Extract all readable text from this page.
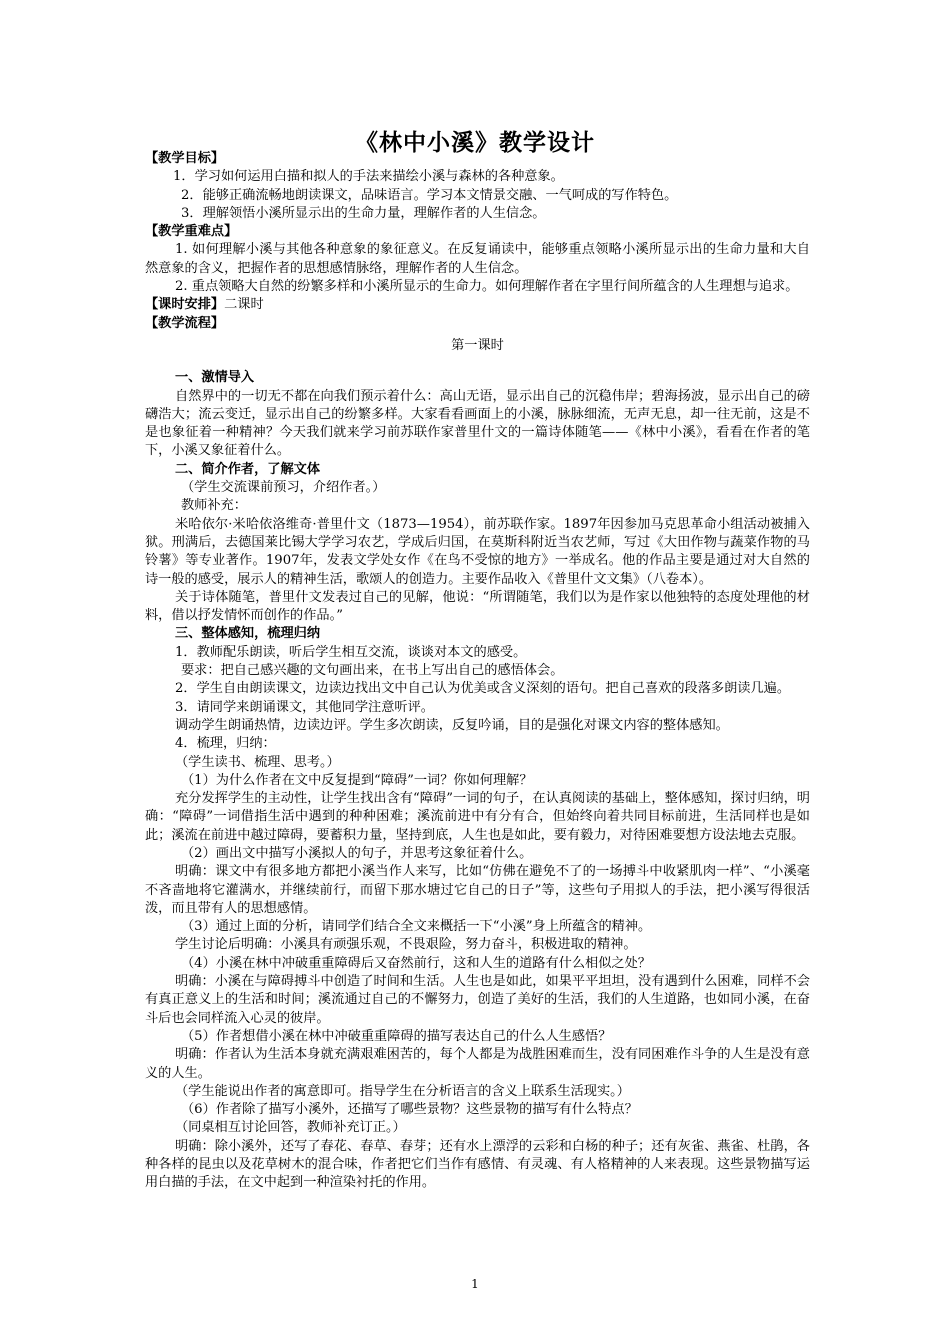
《林中小溪》教学设计

【教学目标】

1．学习如何运用白描和拟人的手法来描绘小溪与森林的各种意象。

2．能够正确流畅地朗读课文，品味语言。学习本文情景交融、一气呵成的写作特色。

3．理解领悟小溪所显示出的生命力量，理解作者的人生信念。

【教学重难点】

1. 如何理解小溪与其他各种意象的象征意义。在反复诵读中，能够重点领略小溪所显示出的生命力量和大自然意象的含义，把握作者的思想感情脉络，理解作者的人生信念。

2. 重点领略大自然的纷繁多样和小溪所显示的生命力。如何理解作者在字里行间所蕴含的人生理想与追求。

【课时安排】二课时

【教学流程】

第一课时

一、激情导入

自然界中的一切无不都在向我们预示着什么：高山无语，显示出自己的沉稳伟岸；碧海扬波，显示出自己的磅礴浩大；流云变迁，显示出自己的纷繁多样。大家看看画面上的小溪，脉脉细流，无声无息，却一往无前，这是不是也象征着一种精神？今天我们就来学习前苏联作家普里什文的一篇诗体随笔——《林中小溪》，看看在作者的笔下，小溪又象征着什么。

二、简介作者，了解文体

（学生交流课前预习，介绍作者。）

教师补充：

米哈依尔·米哈依洛维奇·普里什文（1873—1954），前苏联作家。1897年因参加马克思革命小组活动被捕入狱。刑满后，去德国莱比锡大学学习农艺，学成后归国，在莫斯科附近当农艺师，写过《大田作物与蔬菜作物的马铃薯》等专业著作。1907年，发表文学处女作《在鸟不受惊的地方》一举成名。他的作品主要是通过对大自然的诗一般的感受，展示人的精神生活，歌颂人的创造力。主要作品收入《普里什文文集》（八卷本）。

关于诗体随笔，普里什文发表过自己的见解，他说：“所谓随笔，我们以为是作家以他独特的态度处理他的材料，借以抒发情怀而创作的作品。”

三、整体感知，梳理归纳

1．教师配乐朗读，听后学生相互交流，谈谈对本文的感受。

要求：把自己感兴趣的文句画出来，在书上写出自己的感悟体会。

2．学生自由朗读课文，边读边找出文中自己认为优美或含义深刻的语句。把自己喜欢的段落多朗读几遍。

3．请同学来朗诵课文，其他同学注意听评。

调动学生朗诵热情，边读边评。学生多次朗读，反复吟诵，目的是强化对课文内容的整体感知。

4．梳理，归纳：

（学生读书、梳理、思考。）

（1）为什么作者在文中反复提到“障碍”一词？你如何理解？

充分发挥学生的主动性，让学生找出含有“障碍”一词的句子，在认真阅读的基础上，整体感知，探讨归纳，明确：“障碍”一词借指生活中遇到的种种困难；溪流前进中有分有合，但始终向着共同目标前进，生活同样也是如此；溪流在前进中越过障碍，要蓄积力量，坚持到底，人生也是如此，要有毅力，对待困难要想方设法地去克服。

（2）画出文中描写小溪拟人的句子，并思考这象征着什么。

明确：课文中有很多地方都把小溪当作人来写，比如“仿佛在避免不了的一场搏斗中收紧肌肉一样”、“小溪毫不吝啬地将它灌满水，并继续前行，而留下那水塘过它自己的日子”等，这些句子用拟人的手法，把小溪写得很活泼，而且带有人的思想感情。

（3）通过上面的分析，请同学们结合全文来概括一下“小溪”身上所蕴含的精神。

学生讨论后明确：小溪具有顽强乐观，不畏艰险，努力奋斗，积极进取的精神。

（4）小溪在林中冲破重重障碍后又奋然前行，这和人生的道路有什么相似之处？

明确：小溪在与障碍搏斗中创造了时间和生活。人生也是如此，如果平平坦坦，没有遇到什么困难，同样不会有真正意义上的生活和时间；溪流通过自己的不懈努力，创造了美好的生活，我们的人生道路，也如同小溪，在奋斗后也会同样流入心灵的彼岸。

（5）作者想借小溪在林中冲破重重障碍的描写表达自己的什么人生感悟？

明确：作者认为生活本身就充满艰难困苦的，每个人都是为战胜困难而生，没有同困难作斗争的人生是没有意义的人生。

（学生能说出作者的寓意即可。指导学生在分析语言的含义上联系生活现实。）

（6）作者除了描写小溪外，还描写了哪些景物？这些景物的描写有什么特点？

（同桌相互讨论回答，教师补充订正。）

明确：除小溪外，还写了春花、春草、春芽；还有水上漂浮的云彩和白杨的种子；还有灰雀、燕雀、杜鹃，各种各样的昆虫以及花草树木的混合味，作者把它们当作有感情、有灵魂、有人格精神的人来表现。这些景物描写运用白描的手法，在文中起到一种渲染衬托的作用。

1
